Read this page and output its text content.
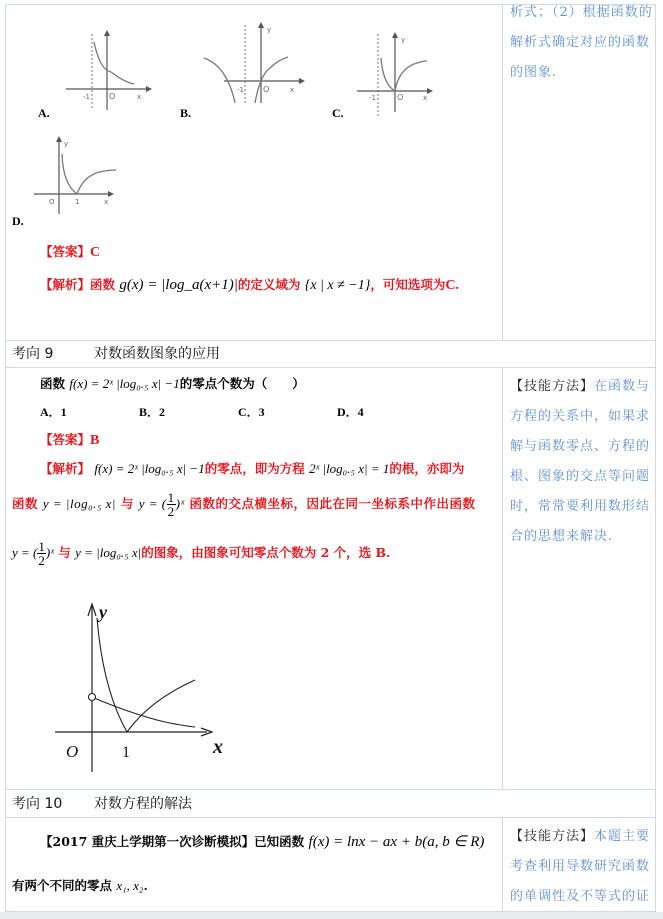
-1 O	x
A.
-1 O	x
y
B.
-1	O	x
y
C.
O	1	x
y
D.
【答案】C
【解析】函数 g(x) = |log_a(x+1)|的定义域为 {x | x ≠ −1}，可知选项为C.
析式；（2）根据函数的
解析式确定对应的函数
的图象.
考向 9	对数函数图象的应用
函数 f(x) = 2ˣ |log₀.₅ x| −1的零点个数为（　　）
A．1	B．2	C．3	D．4
【答案】B
【解析】 f(x) = 2ˣ |log₀.₅ x| −1的零点，即为方程 2ˣ |log₀.₅ x| = 1的根，亦即为
函数 y = |log₀.₅ x| 与 y = ( $\frac{1}{2}$ )ˣ 函数的交点横坐标，因此在同一坐标系中作出函数
y = ( $\frac{1}{2}$ )ˣ 与 y = |log₀.₅ x|的图象，由图象可知零点个数为 2 个，选 B.
y
x
O	1
【技能方法】在函数与
方程的关系中，如果求
解与函数零点、方程的
根、图象的交点等问题
时，常常要利用数形结
合的思想来解决.
考向 10 对数方程的解法
【2017 重庆上学期第一次诊断模拟】已知函数 f(x) = lnx − ax + b(a, b ∈ R)
有两个不同的零点 x₁, x₂.
【技能方法】本题主要
考查利用导数研究函数
的单调性及不等式的证
